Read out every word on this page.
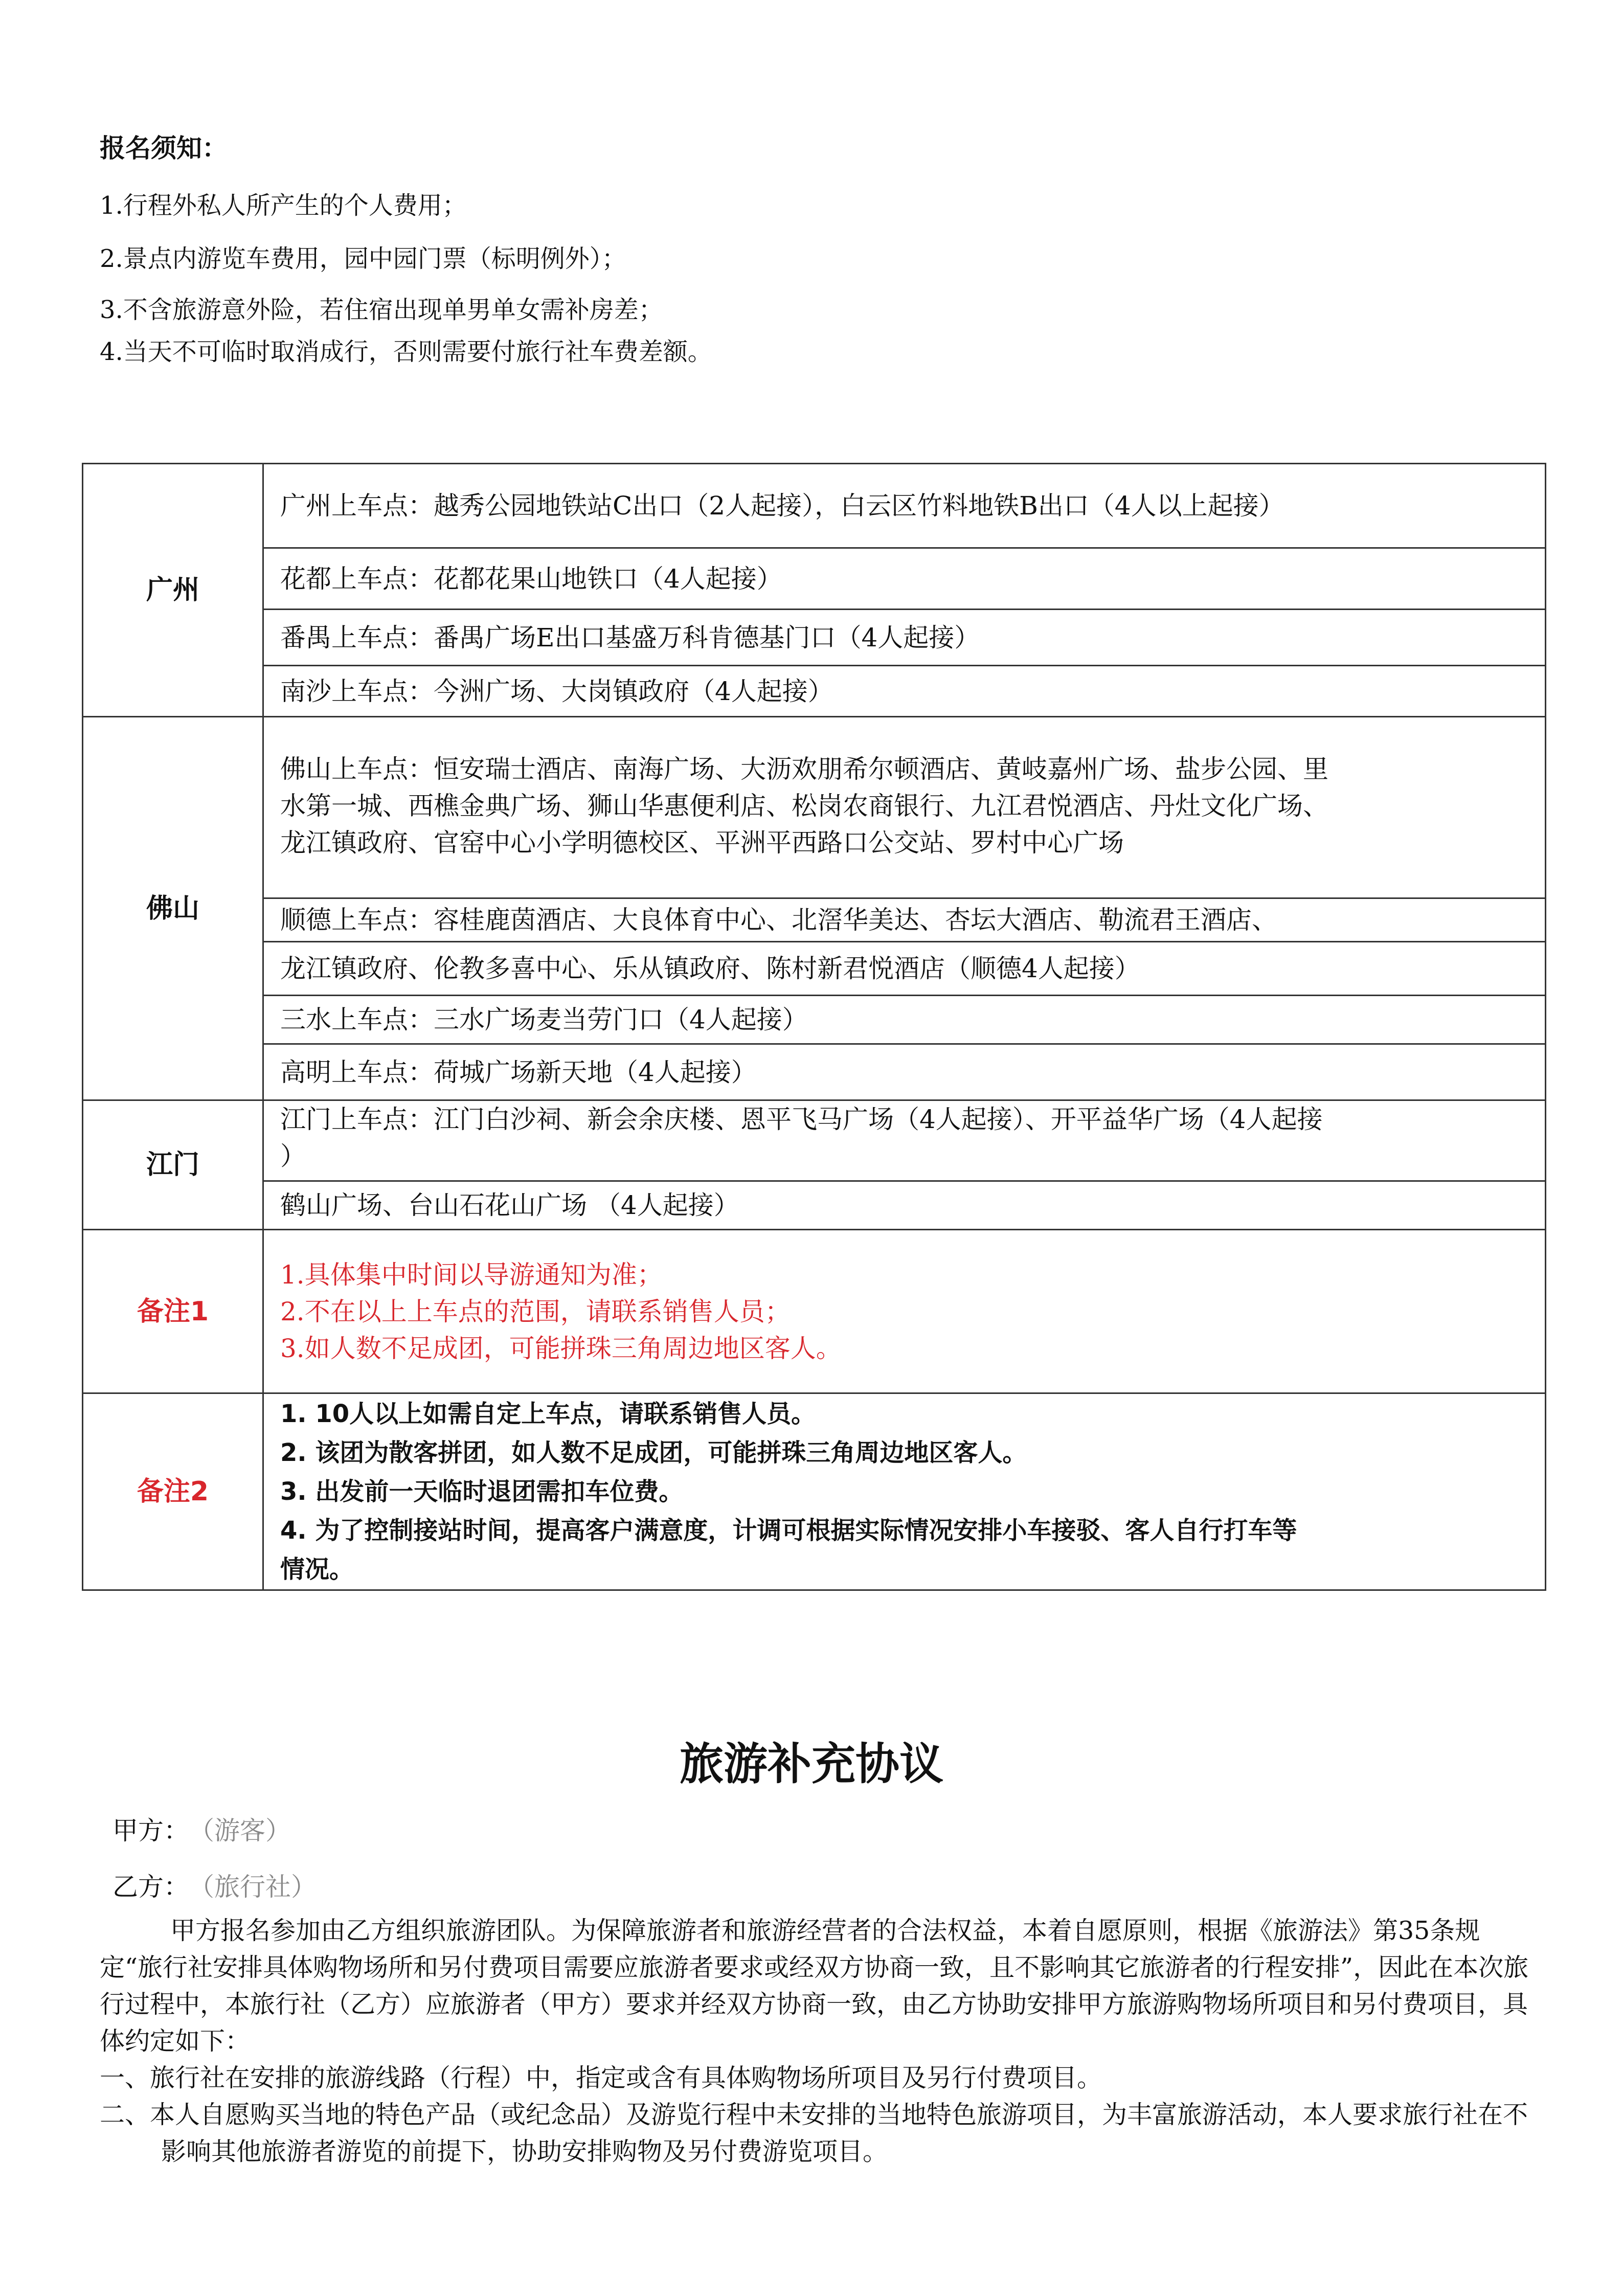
报名须知：

1.行程外私人所产生的个人费用；

2.景点内游览车费用，园中园门票（标明例外）；

3.不含旅游意外险，若住宿出现单男单女需补房差；

4.当天不可临时取消成行，否则需要付旅行社车费差额。

广州	广州上车点：越秀公园地铁站C出口（2人起接），白云区竹料地铁B出口（4人以上起接）
	花都上车点：花都花果山地铁口（4人起接）
	番禺上车点：番禺广场E出口基盛万科肯德基门口（4人起接）
	南沙上车点：今洲广场、大岗镇政府（4人起接）
佛山	佛山上车点：恒安瑞士酒店、南海广场、大沥欢朋希尔顿酒店、黄岐嘉州广场、盐步公园、里
水第一城、西樵金典广场、狮山华惠便利店、松岗农商银行、九江君悦酒店、丹灶文化广场、
龙江镇政府、官窑中心小学明德校区、平洲平西路口公交站、罗村中心广场

	顺德上车点：容桂鹿茵酒店、大良体育中心、北滘华美达、杏坛大酒店、勒流君王酒店、
	龙江镇政府、伦教多喜中心、乐从镇政府、陈村新君悦酒店（顺德4人起接）
	三水上车点：三水广场麦当劳门口（4人起接）
	高明上车点：荷城广场新天地（4人起接）
江门	江门上车点：江门白沙祠、新会余庆楼、恩平飞马广场（4人起接）、开平益华广场（4人起接
）

	鹤山广场、台山石花山广场 （4人起接）
备注1	1.具体集中时间以导游通知为准；
2.不在以上上车点的范围，请联系销售人员；
3.如人数不足成团，可能拼珠三角周边地区客人。

备注2	1. 10人以上如需自定上车点，请联系销售人员。
2. 该团为散客拼团，如人数不足成团，可能拼珠三角周边地区客人。
3. 出发前一天临时退团需扣车位费。
4. 为了控制接站时间，提高客户满意度，计调可根据实际情况安排小车接驳、客人自行打车等
情况。
旅游补充协议
甲方： （游客）
乙方： （旅行社）

甲方报名参加由乙方组织旅游团队。为保障旅游者和旅游经营者的合法权益，本着自愿原则，根据《旅游法》第35条规定“旅行社安排具体购物场所和另付费项目需要应旅游者要求或经双方协商一致，且不影响其它旅游者的行程安排”，因此在本次旅行过程中，本旅行社（乙方）应旅游者（甲方）要求并经双方协商一致，由乙方协助安排甲方旅游购物场所项目和另付费项目，具体约定如下：

一、旅行社在安排的旅游线路（行程）中，指定或含有具体购物场所项目及另行付费项目。

二、本人自愿购买当地的特色产品（或纪念品）及游览行程中未安排的当地特色旅游项目，为丰富旅游活动，本人要求旅行社在不影响其他旅游者游览的前提下，协助安排购物及另付费游览项目。
